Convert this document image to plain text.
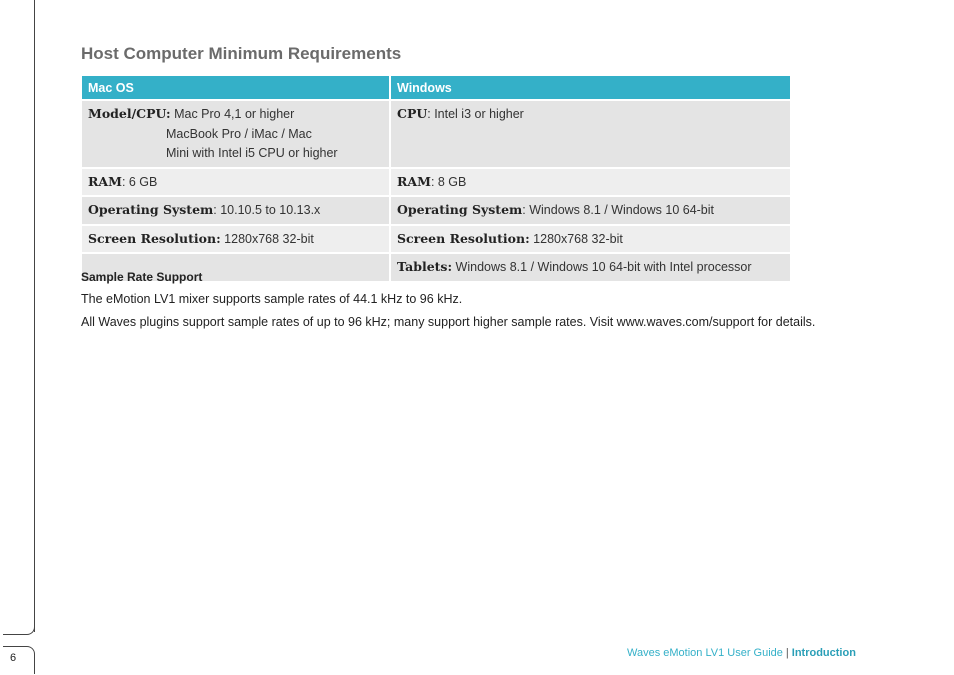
6
Host Computer Minimum Requirements
Mac OS	Windows
Model/CPU: Mac Pro 4,1 or higher
MacBook Pro / iMac / Mac
Mini with Intel i5 CPU or higher	CPU: Intel i3 or higher
RAM: 6 GB	RAM: 8 GB
Operating System: 10.10.5 to 10.13.x	Operating System: Windows 8.1 / Windows 10 64-bit
Screen Resolution: 1280x768 32-bit	Screen Resolution: 1280x768 32-bit
	Tablets: Windows 8.1 / Windows 10 64-bit with Intel processor
Sample Rate Support
The eMotion LV1 mixer supports sample rates of 44.1 kHz to 96 kHz.
All Waves plugins support sample rates of up to 96 kHz; many support higher sample rates. Visit www.waves.com/support for details.
Waves eMotion LV1 User Guide | Introduction
